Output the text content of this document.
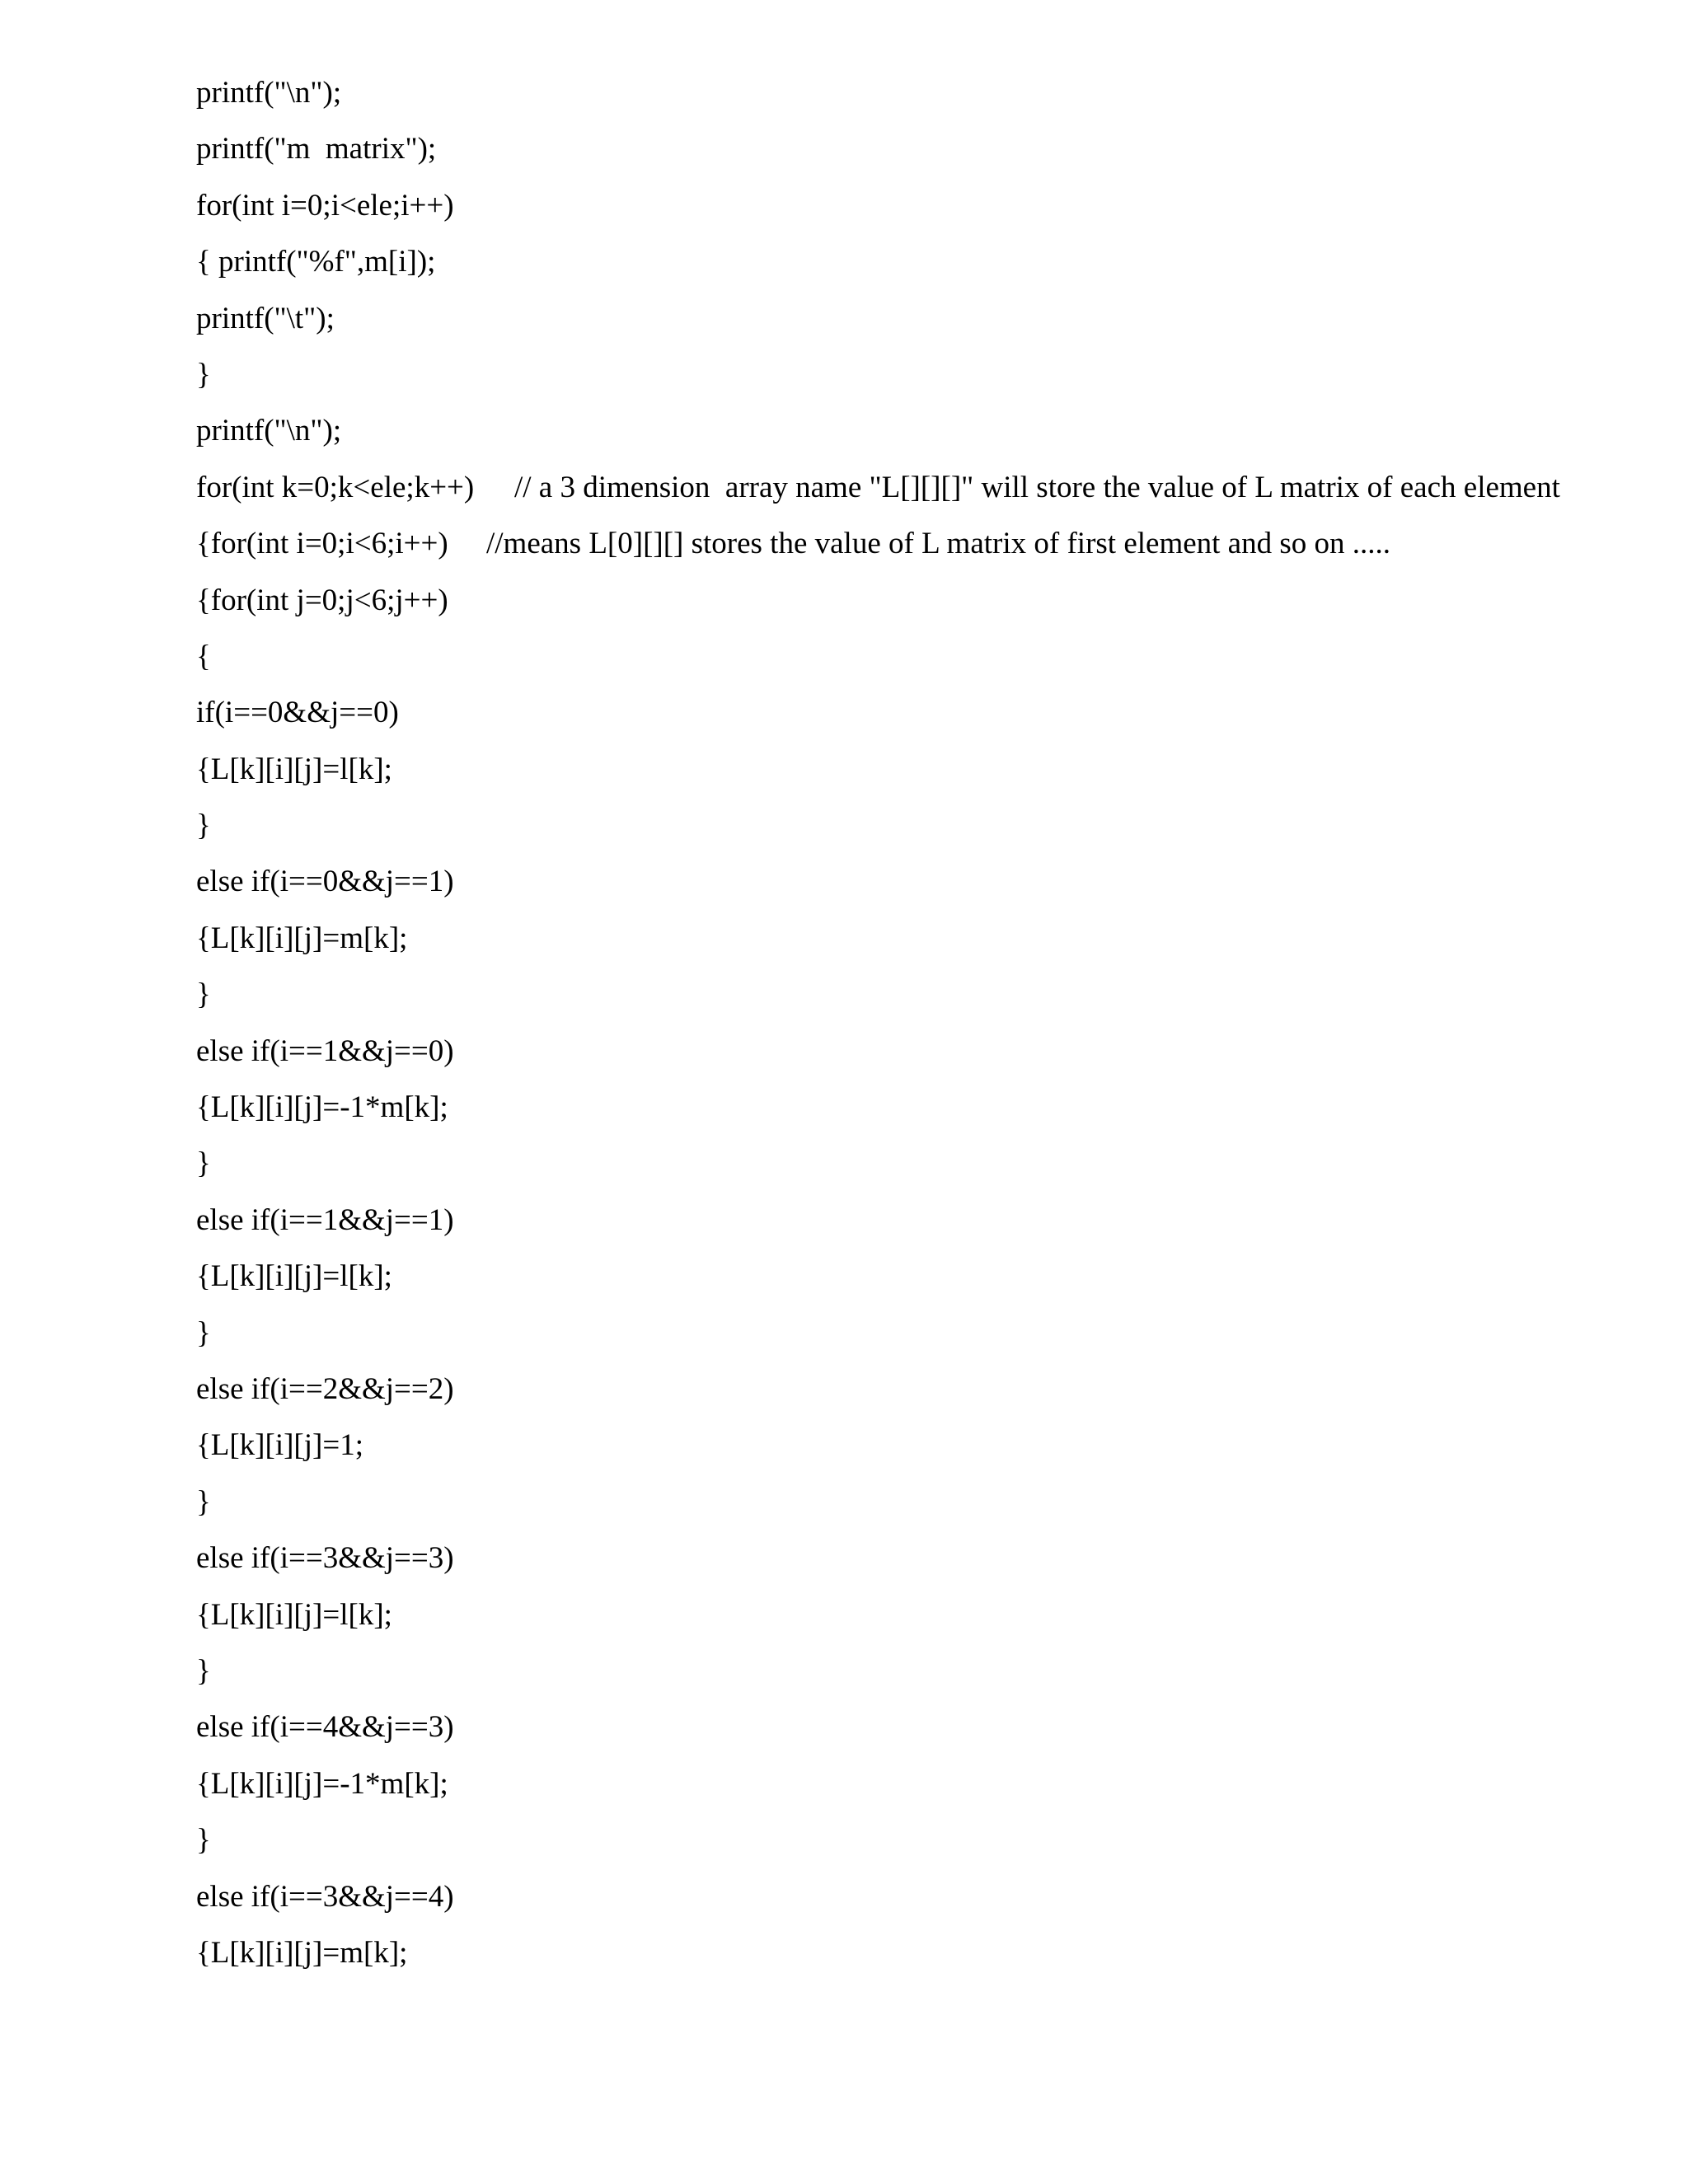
printf("\n");
printf("m  matrix");
for(int i=0;i<ele;i++)
{ printf("%f",m[i]);
printf("\t");
}
printf("\n");
for(int k=0;k<ele;k++) // a 3 dimension  array name "L[][][]" will store the value of L matrix of each element
{for(int i=0;i<6;i++) //means L[0][][] stores the value of L matrix of first element and so on .....
{for(int j=0;j<6;j++)
{
if(i==0&&j==0)
{L[k][i][j]=l[k];
}
else if(i==0&&j==1)
{L[k][i][j]=m[k];
}
else if(i==1&&j==0)
{L[k][i][j]=-1*m[k];
}
else if(i==1&&j==1)
{L[k][i][j]=l[k];
}
else if(i==2&&j==2)
{L[k][i][j]=1;
}
else if(i==3&&j==3)
{L[k][i][j]=l[k];
}
else if(i==4&&j==3)
{L[k][i][j]=-1*m[k];
}
else if(i==3&&j==4)
{L[k][i][j]=m[k];
